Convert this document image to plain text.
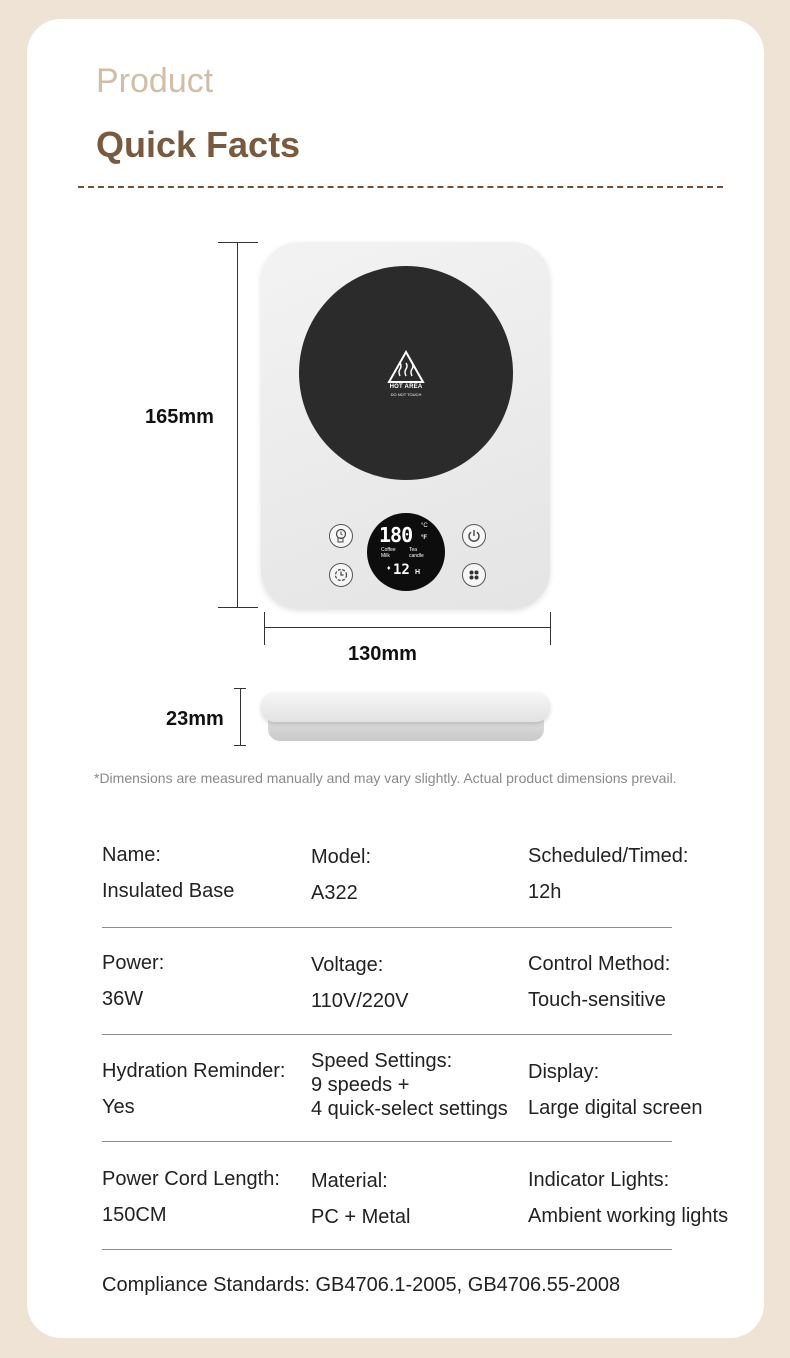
Product
Quick Facts
165mm
HOT AREA
DO NOT TOUCH
180 °C
°F
Coffee	Tea
Milk	candle
♦ 12 H
130mm
23mm
*Dimensions are measured manually and may vary slightly. Actual product dimensions prevail.
Name:
Insulated Base
Model:
A322
Scheduled/Timed:
12h
Power:
36W
Voltage:
110V/220V
Control Method:
Touch-sensitive
Hydration Reminder:
Yes
Speed Settings:
9 speeds +
4 quick-select settings
Display:
Large digital screen
Power Cord Length:
150CM
Material:
PC + Metal
Indicator Lights:
Ambient working lights
Compliance Standards: GB4706.1-2005, GB4706.55-2008
